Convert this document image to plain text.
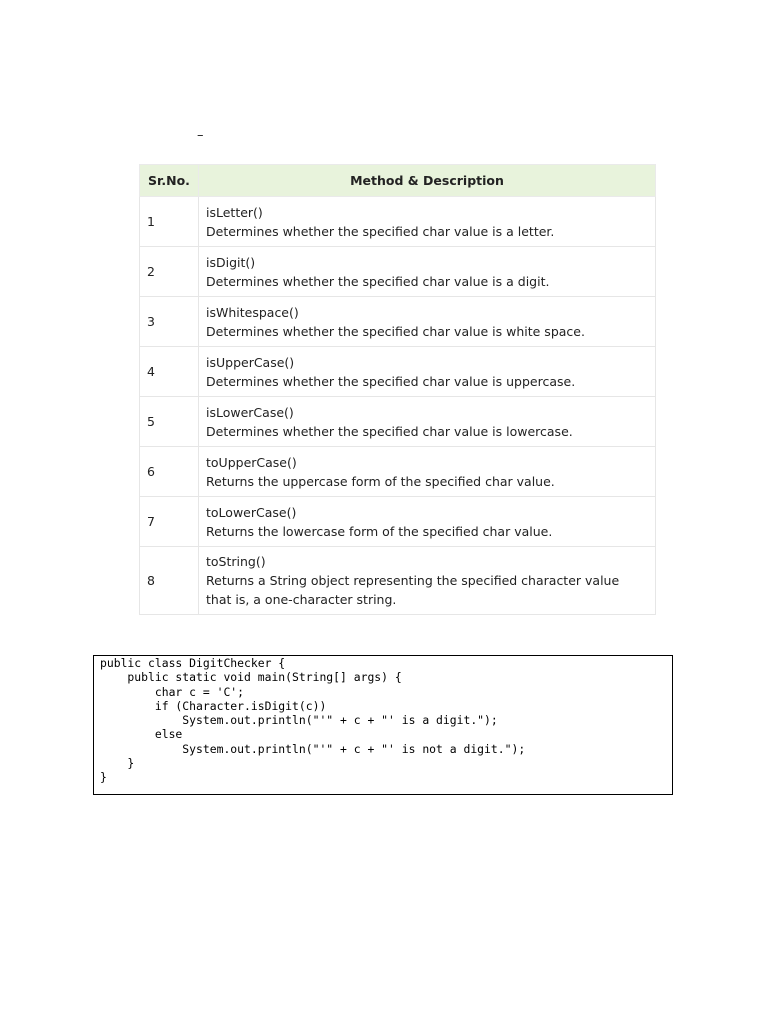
–
Sr.No.	Method & Description
1	isLetter()
Determines whether the specified char value is a letter.

2	isDigit()
Determines whether the specified char value is a digit.

3	isWhitespace()
Determines whether the specified char value is white space.

4	isUpperCase()
Determines whether the specified char value is uppercase.

5	isLowerCase()
Determines whether the specified char value is lowercase.

6	toUpperCase()
Returns the uppercase form of the specified char value.

7	toLowerCase()
Returns the lowercase form of the specified char value.

8	toString()
Returns a String object representing the specified character value that is, a one-character string.
public class DigitChecker {
public static void main(String[] args) {
char c = 'C';
if (Character.isDigit(c))
System.out.println("'" + c + "' is a digit.");
else
System.out.println("'" + c + "' is not a digit.");
}
}
